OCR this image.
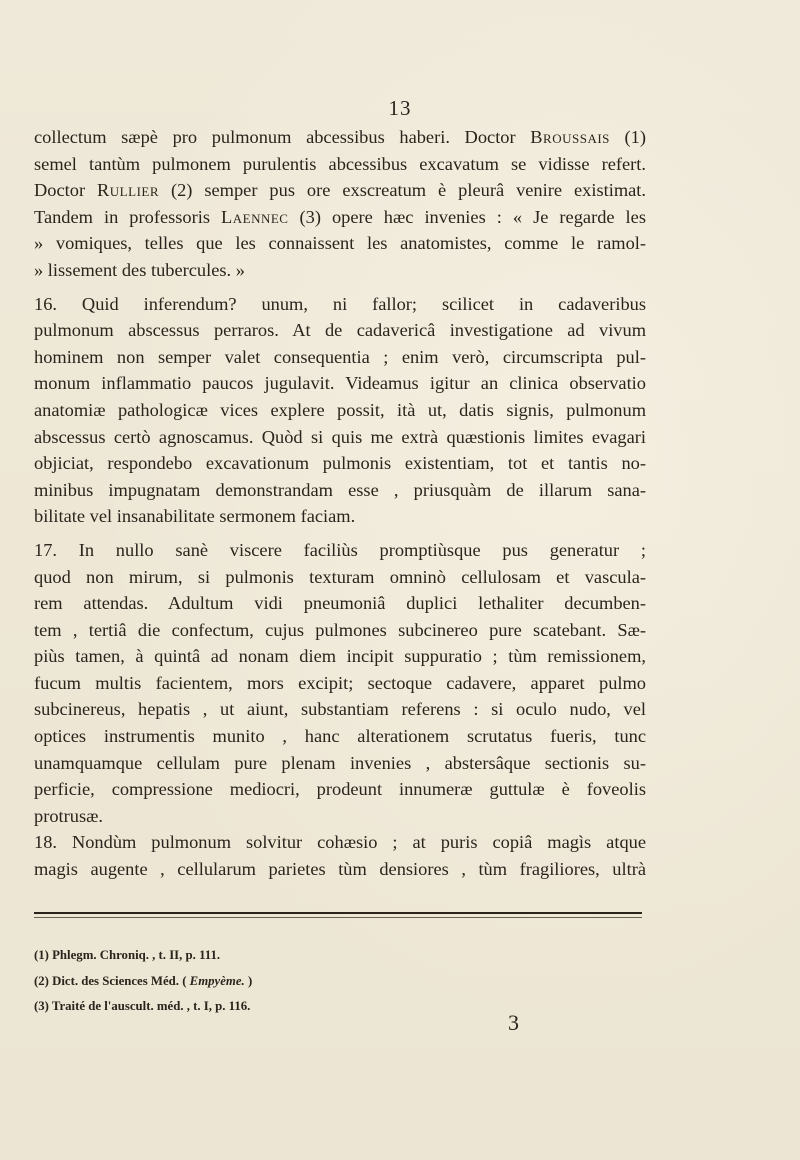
13
collectum sæpè pro pulmonum abcessibus haberi. Doctor Broussais (1)
semel tantùm pulmonem purulentis abcessibus excavatum se vidisse refert.
Doctor Rullier (2) semper pus ore exscreatum è pleurâ venire existimat.
Tandem in professoris Laennec (3) opere hæc invenies : « Je regarde les
» vomiques, telles que les connaissent les anatomistes, comme le ramol-
» lissement des tubercules. »
16. Quid inferendum? unum, ni fallor; scilicet in cadaveribus
pulmonum abscessus perraros. At de cadavericâ investigatione ad vivum
hominem non semper valet consequentia ; enim verò, circumscripta pul-
monum inflammatio paucos jugulavit. Videamus igitur an clinica observatio
anatomiæ pathologicæ vices explere possit, ità ut, datis signis, pulmonum
abscessus certò agnoscamus. Quòd si quis me extrà quæstionis limites evagari
objiciat, respondebo excavationum pulmonis existentiam, tot et tantis no-
minibus impugnatam demonstrandam esse , priusquàm de illarum sana-
bilitate vel insanabilitate sermonem faciam.
17. In nullo sanè viscere faciliùs promptiùsque pus generatur ;
quod non mirum, si pulmonis texturam omninò cellulosam et vascula-
rem attendas. Adultum vidi pneumoniâ duplici lethaliter decumben-
tem , tertiâ die confectum, cujus pulmones subcinereo pure scatebant. Sæ-
piùs tamen, à quintâ ad nonam diem incipit suppuratio ; tùm remissionem,
fucum multis facientem, mors excipit; sectoque cadavere, apparet pulmo
subcinereus, hepatis , ut aiunt, substantiam referens : si oculo nudo, vel
optices instrumentis munito , hanc alterationem scrutatus fueris, tunc
unamquamque cellulam pure plenam invenies , abstersâque sectionis su-
perficie, compressione mediocri, prodeunt innumeræ guttulæ è foveolis
protrusæ.
18. Nondùm pulmonum solvitur cohæsio ; at puris copiâ magìs atque
magis augente , cellularum parietes tùm densiores , tùm fragiliores, ultrà
(1) Phlegm. Chroniq. , t. II, p. 111.
(2) Dict. des Sciences Méd. ( Empyème. )
(3) Traité de l'auscult. méd. , t. I, p. 116.
3
